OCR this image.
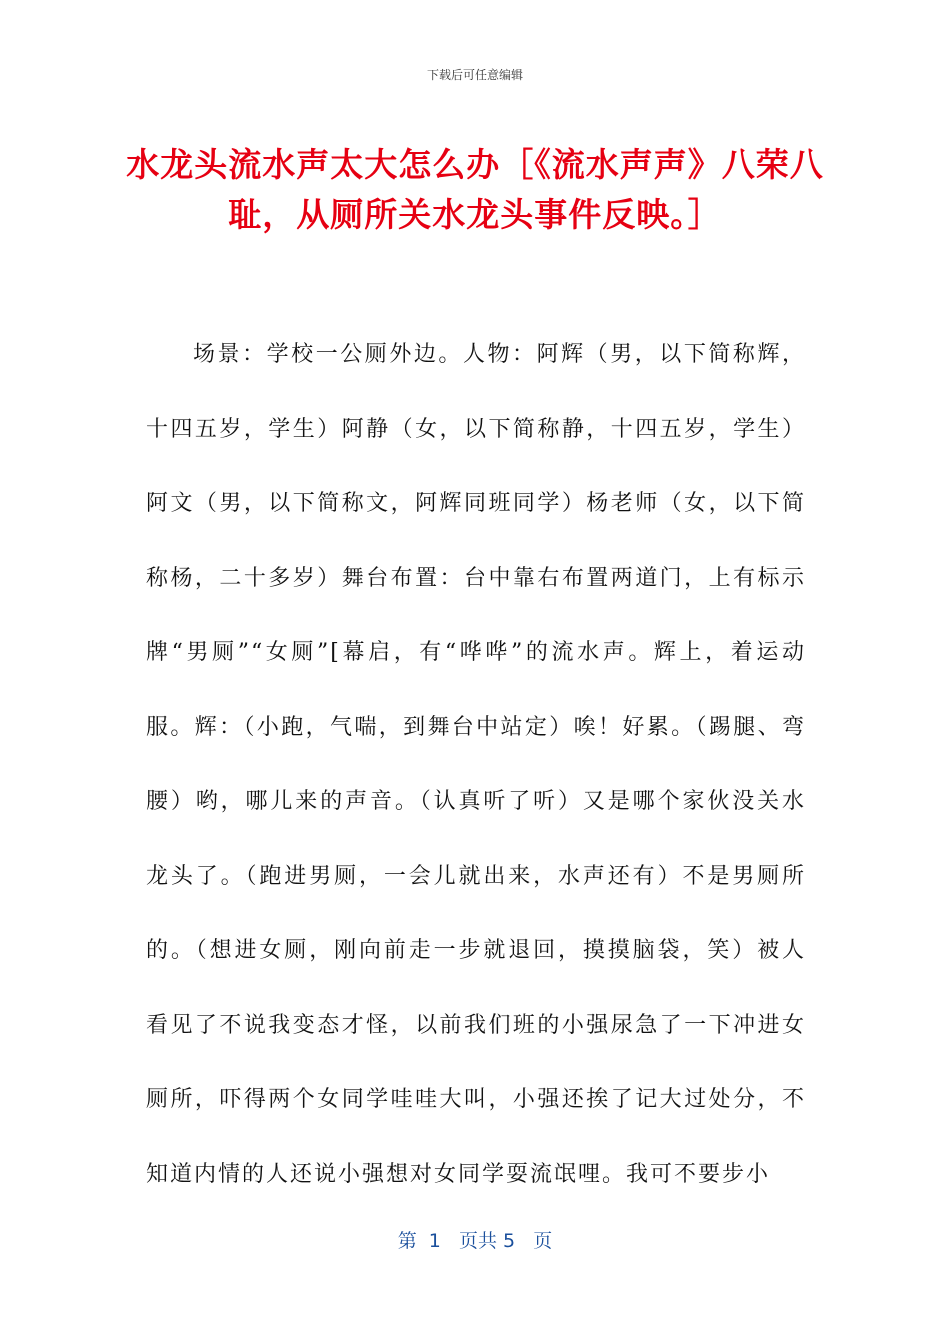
下载后可任意编辑
水龙头流水声太大怎么办［《流水声声》八荣八耻，从厕所关水龙头事件反映。］
场景：学校一公厕外边。人物：阿辉（男，以下简称辉，十四五岁，学生）阿静（女，以下简称静，十四五岁，学生）阿文（男，以下简称文，阿辉同班同学）杨老师（女，以下简称杨，二十多岁）舞台布置：台中靠右布置两道门，上有标示牌“男厕”“女厕”[幕启，有“哗哗”的流水声。辉上，着运动服。辉：（小跑，气喘，到舞台中站定）唉！好累。（踢腿、弯腰）哟，哪儿来的声音。（认真听了听）又是哪个家伙没关水龙头了。（跑进男厕，一会儿就出来，水声还有）不是男厕所的。（想进女厕，刚向前走一步就退回，摸摸脑袋，笑）被人看见了不说我变态才怪，以前我们班的小强尿急了一下冲进女厕所，吓得两个女同学哇哇大叫，小强还挨了记大过处分，不知道内情的人还说小强想对女同学耍流氓哩。我可不要步小
第  1   页共 5   页
